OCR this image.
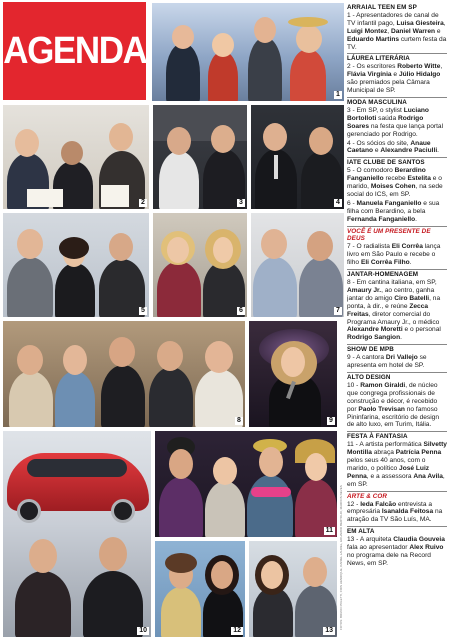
AGENDA
1
2	3	4
5	6	7
8	9
10
11
12	13
FOTOS: BRUNO POLETTI, CRIS HENRIQUE, DANIEL LAUREL, EDUARDO BERTOLDI, MARCOS NEVES
ARRAIAL TEEN EM SP
1 - Apresentadores de canal de TV infantil pago, Luisa Giesteira, Luigi Montez, Daniel Warren e Eduardo Martins curtem festa da TV.
LÁUREA LITERÁRIA
2 - Os escritores Roberto Witte, Flávia Virgínia e Júlio Hidalgo são premiados pela Câmara Municipal de SP.
MODA MASCULINA
3 - Em SP, o stylist Luciano Bortolloti saúda Rodrigo Soares na festa que lança portal gerenciado por Rodrigo.
4 - Os sócios do site, Anaue Caetano e Alexandre Paciulli.
IATE CLUBE DE SANTOS
5 - O comodoro Berardino Fanganiello recebe Estelita e o marido, Moises Cohen, na sede social do ICS, em SP.
6 - Manuela Fanganiello e sua filha com Berardino, a bela Fernanda Fanganiello.
VOCÊ É UM PRESENTE DE DEUS
7 - O radialista Eli Corrêa lança livro em São Paulo e recebe o filho Eli Corrêa Filho.
JANTAR-HOMENAGEM
8 - Em cantina italiana, em SP, Amaury Jr., ao centro, ganha jantar do amigo Ciro Batelli, na ponta, à dir., e reúne Zecca Freitas, diretor comercial do Programa Amaury Jr., o médico Alexandre Moretti e o personal Rodrigo Sangion.
SHOW DE MPB
9 - A cantora Dri Vallejo se apresenta em hotel de SP.
ALTO DESIGN
10 - Ramon Giraldi, de núcleo que congrega profissionais de construção e décor, é recebido por Paolo Trevisan no famoso Pininfarina, escritório de design de alto luxo, em Turim, Itália.
FESTA À FANTASIA
11 - A artista performática Silvetty Montilla abraça Patrícia Penna pelos seus 40 anos, com o marido, o político José Luiz Penna, e a assessora Ana Avila, em SP.
ARTE & COR
12 - Ieda Falcão entrevista a empresária Isanalda Feitosa na atração da TV São Luís, MA.
EM ALTA
13 - A arquiteta Claudia Gouveia fala ao apresentador Alex Ruivo no programa dele na Record News, em SP.
